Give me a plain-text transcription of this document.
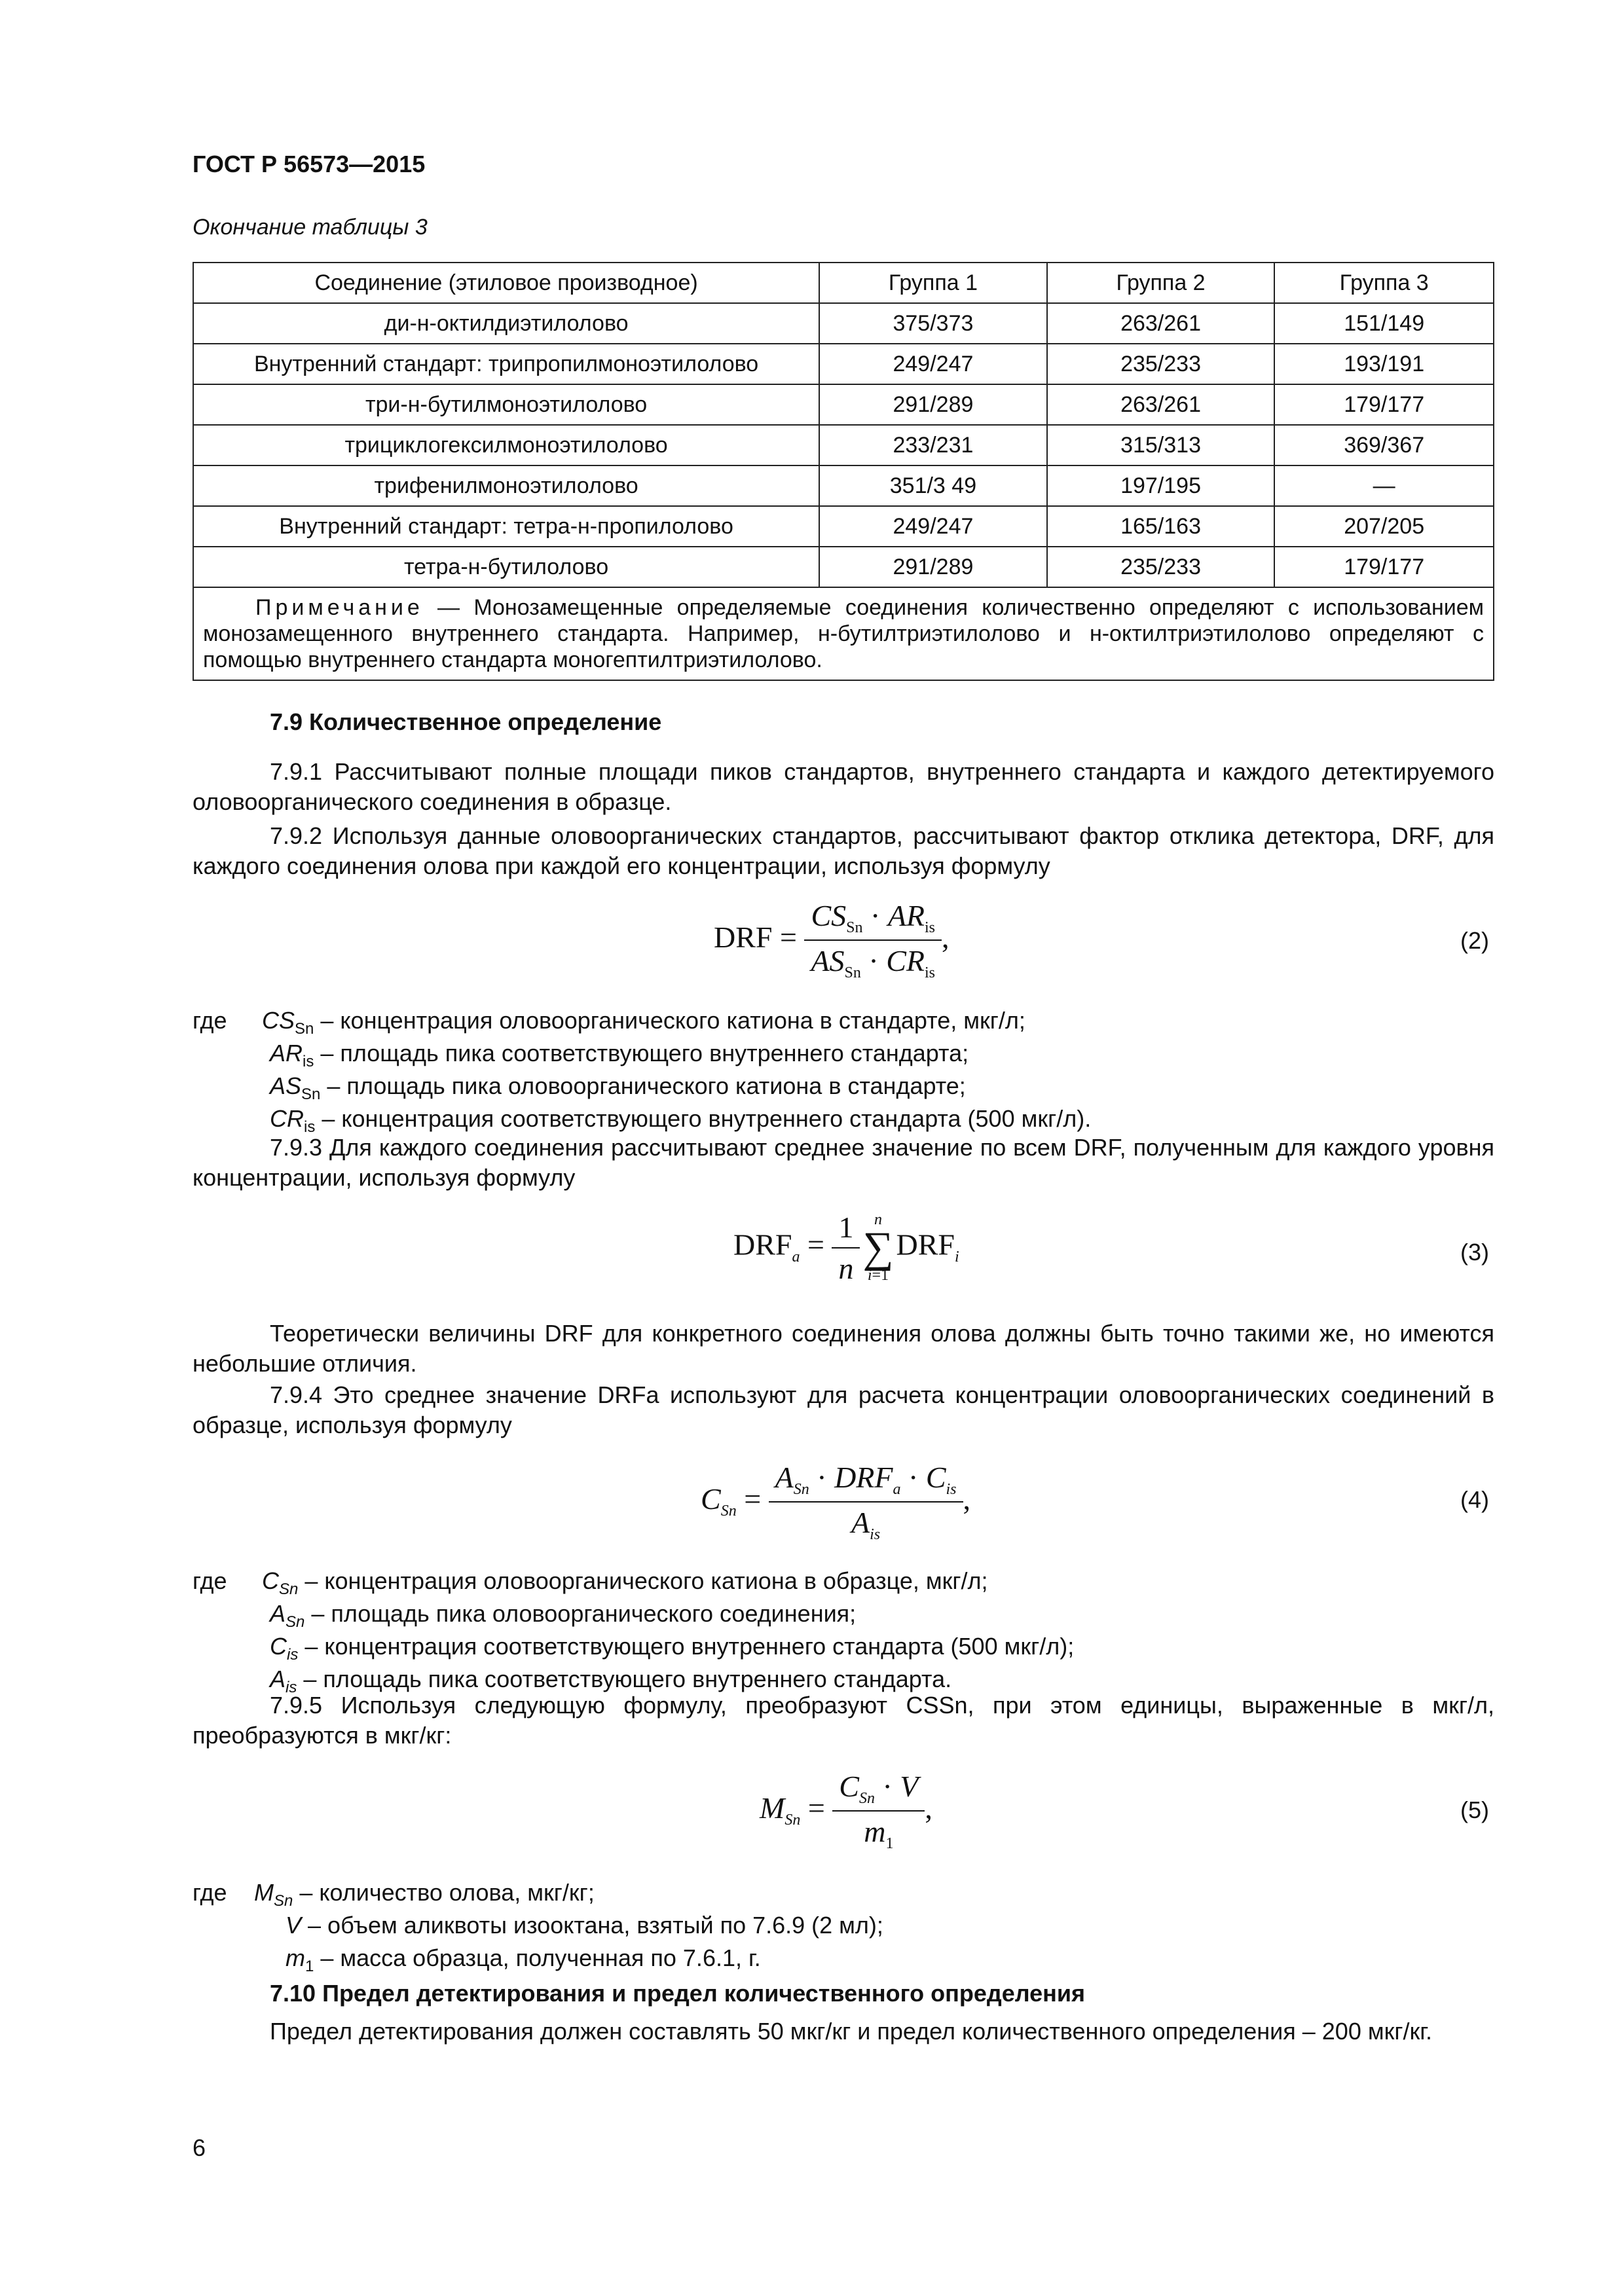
ГОСТ Р 56573—2015
Окончание таблицы 3
Соединение (этиловое производное)	Группа 1	Группа 2	Группа 3
ди-н-октилдиэтилолово	375/373	263/261	151/149
Внутренний стандарт: трипропилмоноэтилолово	249/247	235/233	193/191
три-н-бутилмоноэтилолово	291/289	263/261	179/177
трициклогексилмоноэтилолово	233/231	315/313	369/367
трифенилмоноэтилолово	351/3 49	197/195	—
Внутренний стандарт: тетра-н-пропилолово	249/247	165/163	207/205
тетра-н-бутилолово	291/289	235/233	179/177
Примечание — Монозамещенные определяемые соединения количественно определяют с использованием монозамещенного внутреннего стандарта. Например, н-бутилтриэтилолово и н-октилтриэтилолово определяют с помощью внутреннего стандарта моногептилтриэтилолово.			
7.9 Количественное определение
7.9.1 Рассчитывают полные площади пиков стандартов, внутреннего стандарта и каждого детектируемого оловоорганического соединения в образце.
7.9.2 Используя данные оловоорганических стандартов, рассчитывают фактор отклика детектора, DRF, для каждого соединения олова при каждой его концентрации, используя формулу
DRF = $\frac{CS_{Sn} \cdot AR_{is}}{AS_{Sn} \cdot CR_{is}}$ ,	(2)
где $CS_{Sn}$ – концентрация оловоорганического катиона в стандарте, мкг/л;
$AR_{is}$ – площадь пика соответствующего внутреннего стандарта;
$AS_{Sn}$ – площадь пика оловоорганического катиона в стандарте;
$CR_{is}$ – концентрация соответствующего внутреннего стандарта (500 мкг/л).
7.9.3 Для каждого соединения рассчитывают среднее значение по всем DRF, полученным для каждого уровня концентрации, используя формулу
$DRF_a = \frac{1}{n}$ n
∑
i=1
$DRF_i$	(3)
Теоретически величины DRF для конкретного соединения олова должны быть точно такими же, но имеются небольшие отличия.
7.9.4 Это среднее значение DRFa используют для расчета концентрации оловоорганических соединений в образце, используя формулу
$C_{Sn} = \frac{A_{Sn} \cdot DRF_a \cdot C_{is}}{A_{is}}$ ,	(4)
где $C_{Sn}$ – концентрация оловоорганического катиона в образце, мкг/л;
$A_{Sn}$ – площадь пика оловоорганического соединения;
$C_{is}$ – концентрация соответствующего внутреннего стандарта (500 мкг/л);
$A_{is}$ – площадь пика соответствующего внутреннего стандарта.
7.9.5 Используя следующую формулу, преобразуют CSSn, при этом единицы, выраженные в мкг/л, преобразуются в мкг/кг:
$M_{Sn} = \frac{C_{Sn} \cdot V}{m_1}$ ,	(5)
где $M_{Sn}$ – количество олова, мкг/кг;
V – объем аликвоты изооктана, взятый по 7.6.9 (2 мл);
$m_1$ – масса образца, полученная по 7.6.1, г.
7.10 Предел детектирования и предел количественного определения
Предел детектирования должен составлять 50 мкг/кг и предел количественного определения – 200 мкг/кг.
6
